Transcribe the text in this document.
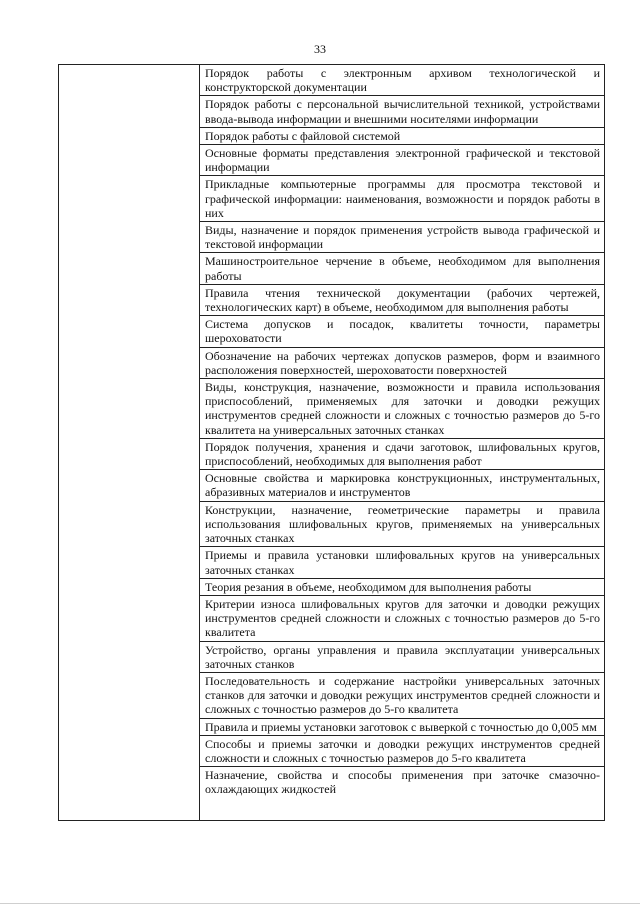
33

Порядок работы с электронным архивом технологической и конструкторской документации
Порядок работы с персональной вычислительной техникой, устройствами ввода-вывода информации и внешними носителями информации
Порядок работы с файловой системой
Основные форматы представления электронной графической и текстовой информации
Прикладные компьютерные программы для просмотра текстовой и графической информации: наименования, возможности и порядок работы в них
Виды, назначение и порядок применения устройств вывода графической и текстовой информации
Машиностроительное черчение в объеме, необходимом для выполнения работы
Правила чтения технической документации (рабочих чертежей, технологических карт) в объеме, необходимом для выполнения работы
Система допусков и посадок, квалитеты точности, параметры шероховатости
Обозначение на рабочих чертежах допусков размеров, форм и взаимного расположения поверхностей, шероховатости поверхностей
Виды, конструкция, назначение, возможности и правила использования приспособлений, применяемых для заточки и доводки режущих инструментов средней сложности и сложных с точностью размеров до 5-го квалитета на универсальных заточных станках
Порядок получения, хранения и сдачи заготовок, шлифовальных кругов, приспособлений, необходимых для выполнения работ
Основные свойства и маркировка конструкционных, инструментальных, абразивных материалов и инструментов
Конструкции, назначение, геометрические параметры и правила использования шлифовальных кругов, применяемых на универсальных заточных станках
Приемы и правила установки шлифовальных кругов на универсальных заточных станках
Теория резания в объеме, необходимом для выполнения работы
Критерии износа шлифовальных кругов для заточки и доводки режущих инструментов средней сложности и сложных с точностью размеров до 5-го квалитета
Устройство, органы управления и правила эксплуатации универсальных заточных станков
Последовательность и содержание настройки универсальных заточных станков для заточки и доводки режущих инструментов средней сложности и сложных с точностью размеров до 5-го квалитета
Правила и приемы установки заготовок с выверкой с точностью до 0,005 мм
Способы и приемы заточки и доводки режущих инструментов средней сложности и сложных с точностью размеров до 5-го квалитета
Назначение, свойства и способы применения при заточке смазочно-охлаждающих жидкостей
